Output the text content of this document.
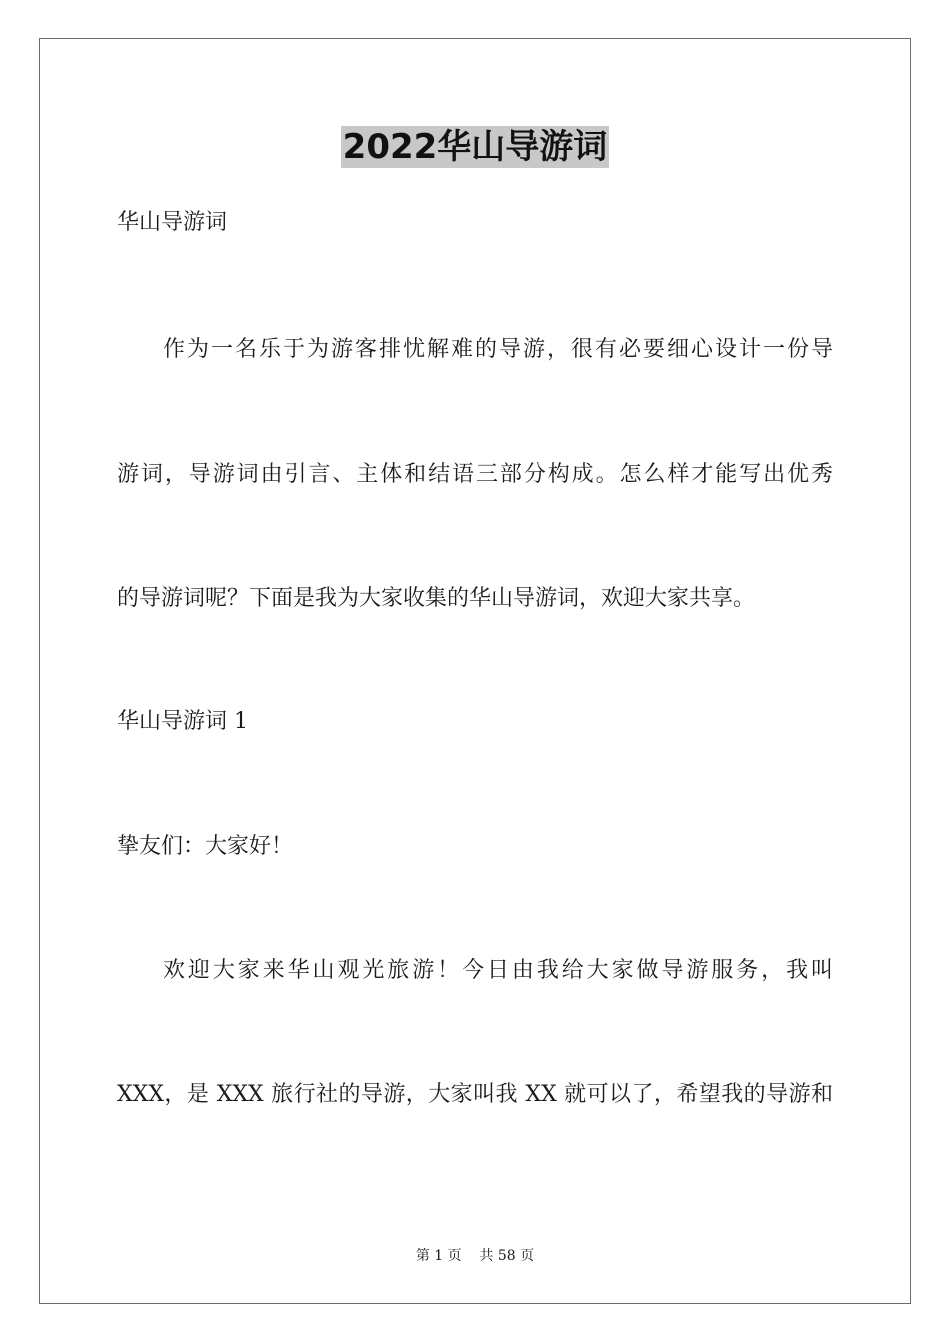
2022华山导游词
华山导游词
作为一名乐于为游客排忧解难的导游，很有必要细心设计一份导
游词，导游词由引言、主体和结语三部分构成。怎么样才能写出优秀
的导游词呢？下面是我为大家收集的华山导游词，欢迎大家共享。
华山导游词 1
挚友们：大家好！
欢迎大家来华山观光旅游！今日由我给大家做导游服务，我叫
XXX，是 XXX 旅行社的导游，大家叫我 XX 就可以了，希望我的导游和
第 1 页    共 58 页
